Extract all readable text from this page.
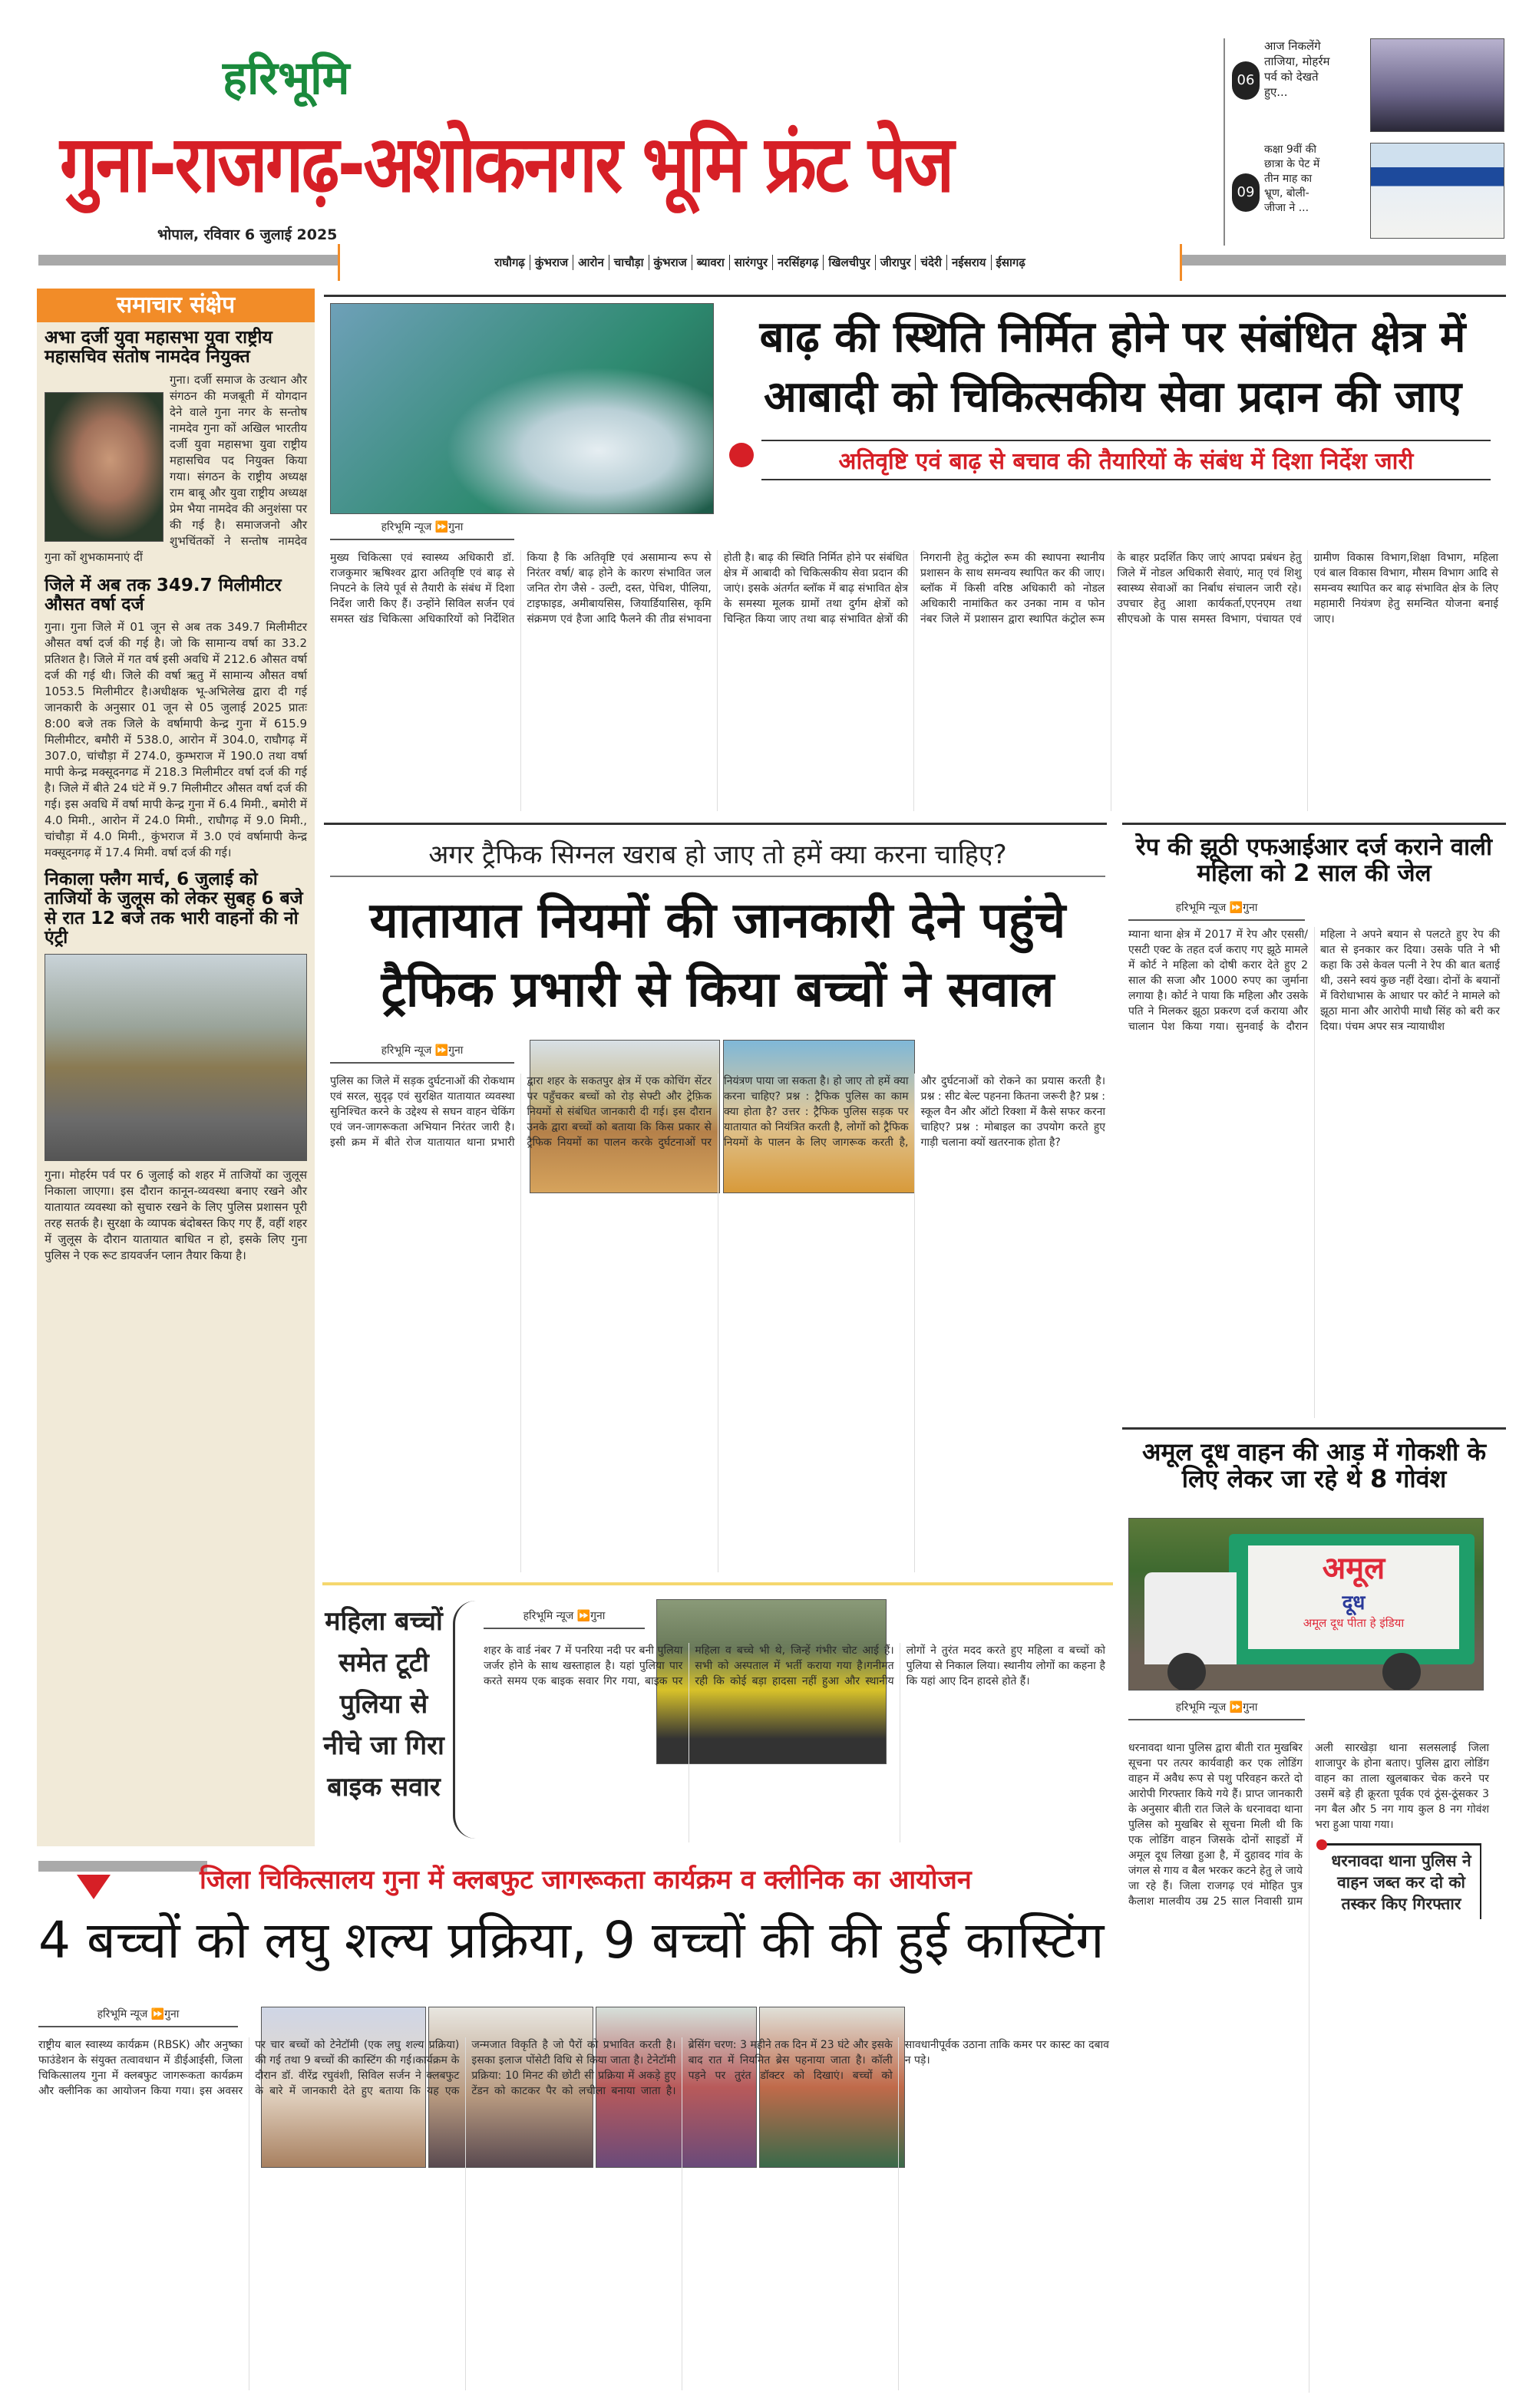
हरिभूमि
गुना-राजगढ़-अशोकनगर भूमि फ्रंट पेज
भोपाल, रविवार 6 जुलाई 2025
06
आज निकलेंगे ताजिया, मोहर्रम पर्व को देखते हुए...
09
कक्षा 9वीं की छात्रा के पेट में तीन माह का भ्रूण, बोली- जीजा ने ...
राघौगढ़ कुंभराज आरोन चाचौड़ा कुंभराज ब्यावरा सारंगपुर नरसिंहगढ़ खिलचीपुर जीरापुर चंदेरी नईसराय ईसागढ़
समाचार संक्षेप
अभा दर्जी युवा महासभा युवा राष्ट्रीय महासचिव संतोष नामदेव नियुक्त
गुना। दर्जी समाज के उत्थान और संगठन की मजबूती में योगदान देने वाले गुना नगर के सन्तोष नामदेव गुना कों अखिल भारतीय दर्जी युवा महासभा युवा राष्ट्रीय महासचिव पद नियुक्त किया गया। संगठन के राष्ट्रीय अध्यक्ष राम बाबू और युवा राष्ट्रीय अध्यक्ष प्रेम भैया नामदेव की अनुशंसा पर की गई है। समाजजनो और शुभचिंतकों ने सन्तोष नामदेव गुना कों शुभकामनाएं दीं
जिले में अब तक 349.7 मिलीमीटर औसत वर्षा दर्ज
गुना। गुना जिले में 01 जून से अब तक 349.7 मिलीमीटर औसत वर्षा दर्ज की गई है। जो कि सामान्य वर्षा का 33.2 प्रतिशत है। जिले में गत वर्ष इसी अवधि में 212.6 औसत वर्षा दर्ज की गई थी। जिले की वर्षा ऋतु में सामान्य औसत वर्षा 1053.5 मिलीमीटर है।अधीक्षक भू-अभिलेख द्वारा दी गई जानकारी के अनुसार 01 जून से 05 जुलाई 2025 प्रातः 8:00 बजे तक जिले के वर्षामापी केन्द्र गुना में 615.9 मिलीमीटर, बमौरी में 538.0, आरोन में 304.0, राघौगढ़ में 307.0, चांचौड़ा में 274.0, कुम्भराज में 190.0 तथा वर्षा मापी केन्द्र मक्सूदनगढ में 218.3 मिलीमीटर वर्षा दर्ज की गई है। जिले में बीते 24 घंटे में 9.7 मिलीमीटर औसत वर्षा दर्ज की गई। इस अवधि में वर्षा मापी केन्द्र गुना में 6.4 मिमी., बमोरी में 4.0 मिमी., आरोन में 24.0 मिमी., राघौगढ़ में 9.0 मिमी., चांचौड़ा में 4.0 मिमी., कुंभराज में 3.0 एवं वर्षामापी केन्द्र मक्सूदनगढ़ में 17.4 मिमी. वर्षा दर्ज की गई।
निकाला फ्लैग मार्च, 6 जुलाई को ताजियों के जुलूस को लेकर सुबह 6 बजे से रात 12 बजे तक भारी वाहनों की नो एंट्री
गुना। मोहर्रम पर्व पर 6 जुलाई को शहर में ताजियों का जुलूस निकाला जाएगा। इस दौरान कानून-व्यवस्था बनाए रखने और यातायात व्यवस्था को सुचारु रखने के लिए पुलिस प्रशासन पूरी तरह सतर्क है। सुरक्षा के व्यापक बंदोबस्त किए गए हैं, वहीं शहर में जुलूस के दौरान यातायात बाधित न हो, इसके लिए गुना पुलिस ने एक रूट डायवर्जन प्लान तैयार किया है।
बाढ़ की स्थिति निर्मित होने पर संबंधित क्षेत्र में आबादी को चिकित्सकीय सेवा प्रदान की जाए
अतिवृष्टि एवं बाढ़ से बचाव की तैयारियों के संबंध में दिशा निर्देश जारी
हरिभूमि न्यूज ⏩गुना
मुख्य चिकित्सा एवं स्वास्थ्य अधिकारी डॉ. राजकुमार ऋषिश्वर द्वारा अतिवृष्टि एवं बाढ़ से निपटने के लिये पूर्व से तैयारी के संबंध में दिशा निर्देश जारी किए हैं। उन्होंने सिविल सर्जन एवं समस्त खंड चिकित्सा अधिकारियों को निर्देशित किया है कि अतिवृष्टि एवं असामान्य रूप से निरंतर वर्षा/ बाढ़ होने के कारण संभावित जल जनित रोग जैसे - उल्टी, दस्त, पेचिश, पीलिया, टाइफाइड, अमीबायसिस, जियार्डियासिस, कृमि संक्रमण एवं हैजा आदि फैलने की तीव्र संभावना होती है। बाढ़ की स्थिति निर्मित होने पर संबंधित क्षेत्र में आबादी को चिकित्सकीय सेवा प्रदान की जाएं। इसके अंतर्गत ब्लॉक में बाढ़ संभावित क्षेत्र के समस्या मूलक ग्रामों तथा दुर्गम क्षेत्रों को चिन्हित किया जाए तथा बाढ़ संभावित क्षेत्रों की निगरानी हेतु कंट्रोल रूम की स्थापना स्थानीय प्रशासन के साथ समन्वय स्थापित कर की जाए। ब्लॉक में किसी वरिष्ठ अधिकारी को नोडल अधिकारी नामांकित कर उनका नाम व फोन नंबर जिले में प्रशासन द्वारा स्थापित कंट्रोल रूम के बाहर प्रदर्शित किए जाएं आपदा प्रबंधन हेतु जिले में नोडल अधिकारी सेवाएं, मातृ एवं शिशु स्वास्थ्य सेवाओं का निर्बाध संचालन जारी रहे। उपचार हेतु आशा कार्यकर्ता,एएनएम तथा सीएचओ के पास समस्त विभाग, पंचायत एवं ग्रामीण विकास विभाग,शिक्षा विभाग, महिला एवं बाल विकास विभाग, मौसम विभाग आदि से समन्वय स्थापित कर बाढ़ संभावित क्षेत्र के लिए महामारी नियंत्रण हेतु समन्वित योजना बनाई जाए।
अगर ट्रैफिक सिग्नल खराब हो जाए तो हमें क्या करना चाहिए?
यातायात नियमों की जानकारी देने पहुंचे ट्रैफिक प्रभारी से किया बच्चों ने सवाल
हरिभूमि न्यूज ⏩गुना
पुलिस का जिले में सड़क दुर्घटनाओं की रोकथाम एवं सरल, सुदृढ़ एवं सुरक्षित यातायात व्यवस्था सुनिश्चित करने के उद्देश्य से सघन वाहन चेकिंग एवं जन-जागरूकता अभियान निरंतर जारी है। इसी क्रम में बीते रोज यातायात थाना प्रभारी द्वारा शहर के सकतपुर क्षेत्र में एक कोचिंग सेंटर पर पहुँचकर बच्चों को रोड़ सेफ्टी और ट्रेफ़िक नियमों से संबंधित जानकारी दी गई। इस दौरान उनके द्वारा बच्चों को बताया कि किस प्रकार से ट्रैफिक नियमों का पालन करके दुर्घटनाओं पर नियंत्रण पाया जा सकता है। हो जाए तो हमें क्या करना चाहिए? प्रश्न : ट्रैफिक पुलिस का काम क्या होता है? उत्तर : ट्रैफिक पुलिस सड़क पर यातायात को नियंत्रित करती है, लोगों को ट्रैफिक नियमों के पालन के लिए जागरूक करती है, और दुर्घटनाओं को रोकने का प्रयास करती है। प्रश्न : सीट बेल्ट पहनना कितना जरूरी है? प्रश्न : स्कूल वैन और ऑटो रिक्शा में कैसे सफर करना चाहिए? प्रश्न : मोबाइल का उपयोग करते हुए गाड़ी चलाना क्यों खतरनाक होता है?
रेप की झूठी एफआईआर दर्ज कराने वाली महिला को 2 साल की जेल
हरिभूमि न्यूज ⏩गुना
म्याना थाना क्षेत्र में 2017 में रेप और एससी/एसटी एक्ट के तहत दर्ज कराए गए झूठे मामले में कोर्ट ने महिला को दोषी करार देते हुए 2 साल की सजा और 1000 रुपए का जुर्माना लगाया है। कोर्ट ने पाया कि महिला और उसके पति ने मिलकर झूठा प्रकरण दर्ज कराया और चालान पेश किया गया। सुनवाई के दौरान महिला ने अपने बयान से पलटते हुए रेप की बात से इनकार कर दिया। उसके पति ने भी कहा कि उसे केवल पत्नी ने रेप की बात बताई थी, उसने स्वयं कुछ नहीं देखा। दोनों के बयानों में विरोधाभास के आधार पर कोर्ट ने मामले को झूठा माना और आरोपी माधौ सिंह को बरी कर दिया। पंचम अपर सत्र न्यायाधीश
अमूल दूध वाहन की आड़ में गोकशी के लिए लेकर जा रहे थे 8 गोवंश
अमूल
दूध
अमूल दूध पीता हे इंडिया
हरिभूमि न्यूज ⏩गुना
धरनावदा थाना पुलिस द्वारा बीती रात मुखबिर सूचना पर तत्पर कार्यवाही कर एक लोडिंग वाहन में अवैध रूप से पशु परिवहन करते दो आरोपी गिरफ्तार किये गये हैं। प्राप्त जानकारी के अनुसार बीती रात जिले के धरनावदा थाना पुलिस को मुखबिर से सूचना मिली थी कि एक लोडिंग वाहन जिसके दोनों साइडों में अमूल दूध लिखा हुआ है, में दुहावद गांव के जंगल से गाय व बैल भरकर कटने हेतु ले जाये जा रहे हैं। जिला राजगढ़ एवं मोहित पुत्र कैलाश मालवीय उम्र 25 साल निवासी ग्राम अली सारखेड़ा थाना सलसलाई जिला शाजापुर के होना बताए। पुलिस द्वारा लोडिंग वाहन का ताला खुलबाकर चेक करने पर उसमें बड़े ही क्रूरता पूर्वक एवं ठूंस-ठूंसकर 3 नग बैल और 5 नग गाय कुल 8 नग गोवंश भरा हुआ पाया गया।
धरनावदा थाना पुलिस ने वाहन जब्त कर दो को तस्कर किए गिरफ्तार
महिला बच्चों समेत टूटी पुलिया से नीचे जा गिरा बाइक सवार
हरिभूमि न्यूज ⏩गुना
शहर के वार्ड नंबर 7 में पनरिया नदी पर बनी पुलिया जर्जर होने के साथ खस्ताहाल है। यहां पुलिया पार करते समय एक बाइक सवार गिर गया, बाइक पर महिला व बच्चे भी थे, जिन्हें गंभीर चोट आई हैं। सभी को अस्पताल में भर्ती कराया गया है।गनीमत रही कि कोई बड़ा हादसा नहीं हुआ और स्थानीय लोगों ने तुरंत मदद करते हुए महिला व बच्चों को पुलिया से निकाल लिया। स्थानीय लोगों का कहना है कि यहां आए दिन हादसे होते हैं।
जिला चिकित्सालय गुना में क्लबफुट जागरूकता कार्यक्रम व क्लीनिक का आयोजन
4 बच्चों को लघु शल्य प्रक्रिया, 9 बच्चों की की हुई कास्टिंग
हरिभूमि न्यूज ⏩गुना
राष्ट्रीय बाल स्वास्थ्य कार्यक्रम (RBSK) और अनुष्का फाउंडेशन के संयुक्त तत्वावधान में डीईआईसी, जिला चिकित्सालय गुना में क्लबफुट जागरूकता कार्यक्रम और क्लीनिक का आयोजन किया गया। इस अवसर पर चार बच्चों को टेनेटॉमी (एक लघु शल्य प्रक्रिया) की गई तथा 9 बच्चों की कास्टिंग की गई।कार्यक्रम के दौरान डॉ. वीरेंद्र रघुवंशी, सिविल सर्जन ने क्लबफुट के बारे में जानकारी देते हुए बताया कि यह एक जन्मजात विकृति है जो पैरों को प्रभावित करती है। इसका इलाज पोंसेटी विधि से किया जाता है। टेनेटॉमी प्रक्रिया: 10 मिनट की छोटी सी प्रक्रिया में अकड़े हुए टेंडन को काटकर पैर को लचीला बनाया जाता है। ब्रेसिंग चरण: 3 महीने तक दिन में 23 घंटे और इसके बाद रात में नियमित ब्रेस पहनाया जाता है। कॉली पड़ने पर तुरंत डॉक्टर को दिखाएं। बच्चों को सावधानीपूर्वक उठाना ताकि कमर पर कास्ट का दबाव न पड़े।
